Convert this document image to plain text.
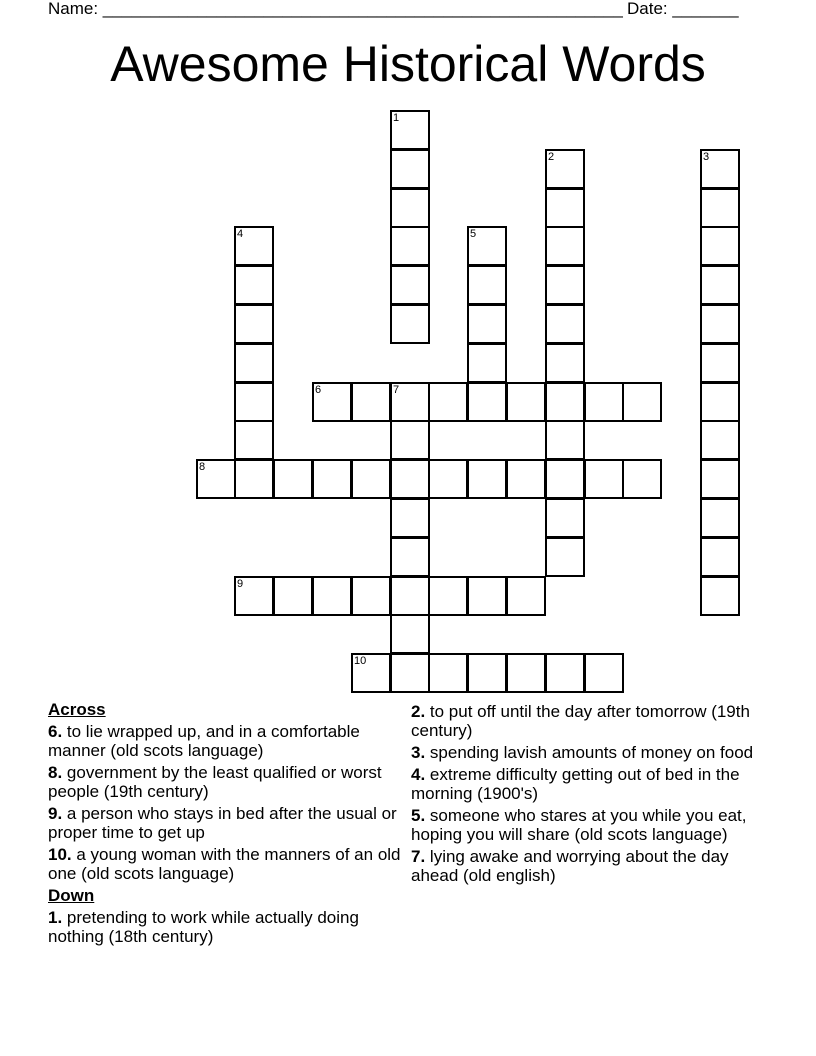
Name: _______________________________________________________ Date: _______
Awesome Historical Words
1
2	3
4	5
6	7
8
9
10
Across
6. to lie wrapped up, and in a comfortable manner (old scots language)
8. government by the least qualified or worst people (19th century)
9. a person who stays in bed after the usual or proper time to get up
10. a young woman with the manners of an old one (old scots language)
Down
1. pretending to work while actually doing nothing (18th century)
2. to put off until the day after tomorrow (19th century)
3. spending lavish amounts of money on food
4. extreme difficulty getting out of bed in the morning (1900's)
5. someone who stares at you while you eat, hoping you will share (old scots language)
7. lying awake and worrying about the day ahead (old english)
